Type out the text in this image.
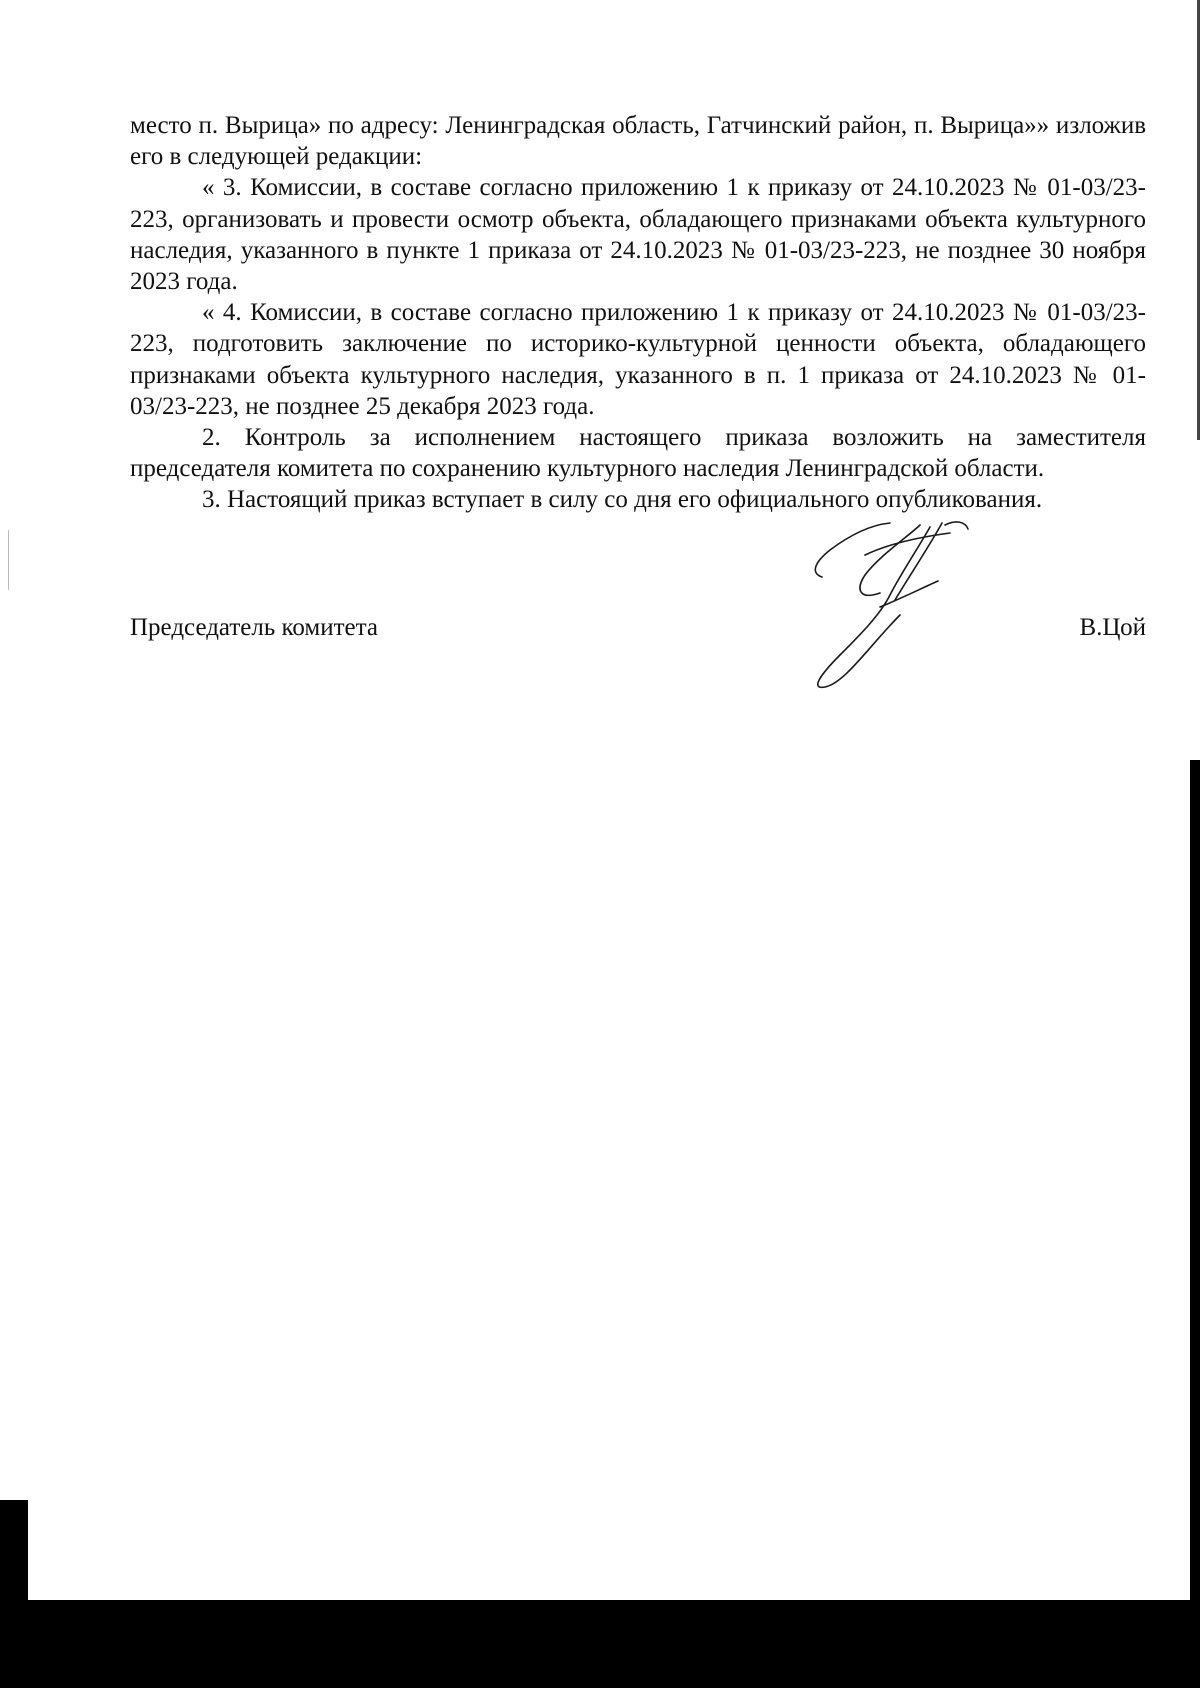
место п. Вырица» по адресу: Ленинградская область, Гатчинский район, п. Вырица»» изложив его в следующей редакции:

« 3. Комиссии, в составе согласно приложению 1 к приказу от 24.10.2023 № 01-03/23-223, организовать и провести осмотр объекта, обладающего признаками объекта культурного наследия, указанного в пункте 1 приказа от 24.10.2023 № 01-03/23-223, не позднее 30 ноября 2023 года.

« 4. Комиссии, в составе согласно приложению 1 к приказу от 24.10.2023 № 01-03/23-223, подготовить заключение по историко-культурной ценности объекта, обладающего признаками объекта культурного наследия, указанного в п. 1 приказа от 24.10.2023 № 01-03/23-223, не позднее 25 декабря 2023 года.

2. Контроль за исполнением настоящего приказа возложить на заместителя председателя комитета по сохранению культурного наследия Ленинградской области.

3. Настоящий приказ вступает в силу со дня его официального опубликования.

Председатель комитета	В.Цой
